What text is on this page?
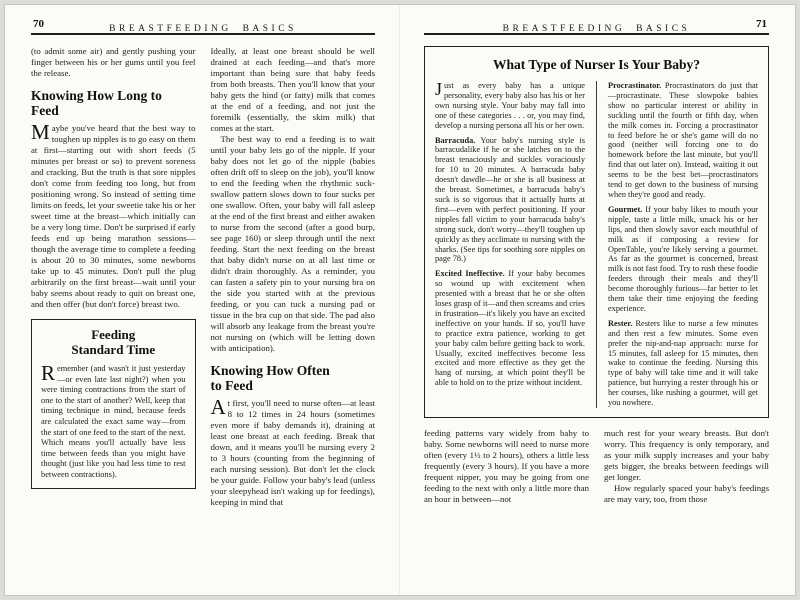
70	BREASTFEEDING BASICS

(to admit some air) and gently pushing your finger between his or her gums until you feel the release.

Knowing How Long to Feed

Maybe you've heard that the best way to toughen up nipples is to go easy on them at first—starting out with short feeds (5 minutes per breast or so) to prevent soreness and cracking. But the truth is that sore nipples don't come from feeding too long, but from positioning wrong. So instead of setting time limits on feeds, let your sweetie take his or her sweet time at the breast—which initially can be a very long time. Don't be surprised if early feeds end up being marathon sessions—though the average time to complete a feeding is about 20 to 30 minutes, some newborns take up to 45 minutes. Don't pull the plug arbitrarily on the first breast—wait until your baby seems about ready to quit on breast one, and then offer (but don't force) breast two.

Feeding
Standard Time

Remember (and wasn't it just yesterday—or even late last night?) when you were timing contractions from the start of one to the start of another? Well, keep that timing technique in mind, because feeds are calculated the exact same way—from the start of one feed to the start of the next. Which means you'll actually have less time between feeds than you might have thought (just like you had less time to rest between contractions).

Ideally, at least one breast should be well drained at each feeding—and that's more important than being sure that baby feeds from both breasts. Then you'll know that your baby gets the hind (or fatty) milk that comes at the end of a feeding, and not just the foremilk (essentially, the skim milk) that comes at the start.

The best way to end a feeding is to wait until your baby lets go of the nipple. If your baby does not let go of the nipple (babies often drift off to sleep on the job), you'll know to end the feeding when the rhythmic suck-swallow pattern slows down to four sucks per one swallow. Often, your baby will fall asleep at the end of the first breast and either awaken to nurse from the second (after a good burp, see page 160) or sleep through until the next feeding. Start the next feeding on the breast that baby didn't nurse on at all last time or didn't drain thoroughly. As a reminder, you can fasten a safety pin to your nursing bra on the side you started with at the previous feeding, or you can tuck a nursing pad or tissue in the bra cup on that side. The pad also will absorb any leakage from the breast you're not nursing on (which will be letting down with anticipation).

Knowing How Often to Feed

At first, you'll need to nurse often—at least 8 to 12 times in 24 hours (sometimes even more if baby demands it), draining at least one breast at each feeding. Break that down, and it means you'll be nursing every 2 to 3 hours (counting from the beginning of each nursing session). But don't let the clock be your guide. Follow your baby's lead (unless your sleepyhead isn't waking up for feedings), keeping in mind that

BREASTFEEDING BASICS	71
What Type of Nurser Is Your Baby?

Just as every baby has a unique personality, every baby also has his or her own nursing style. Your baby may fall into one of these categories . . . or, you may find, develop a nursing persona all his or her own.

Barracuda. Your baby's nursing style is barracudalike if he or she latches on to the breast tenaciously and suckles voraciously for 10 to 20 minutes. A barracuda baby doesn't dawdle—he or she is all business at the breast. Sometimes, a barracuda baby's suck is so vigorous that it actually hurts at first—even with perfect positioning. If your nipples fall victim to your barracuda baby's strong suck, don't worry—they'll toughen up quickly as they acclimate to nursing with the sharks. (See tips for soothing sore nipples on page 78.)

Excited Ineffective. If your baby becomes so wound up with excitement when presented with a breast that he or she often loses grasp of it—and then screams and cries in frustration—it's likely you have an excited ineffective on your hands. If so, you'll have to practice extra patience, working to get your baby calm before getting back to work. Usually, excited ineffectives become less excited and more effective as they get the hang of nursing, at which point they'll be able to hold on to the prize without incident.

Procrastinator. Procrastinators do just that—procrastinate. These slowpoke babies show no particular interest or ability in suckling until the fourth or fifth day, when the milk comes in. Forcing a procrastinator to feed before he or she's game will do no good (neither will forcing one to do homework before the last minute, but you'll find that out later on). Instead, waiting it out seems to be the best bet—procrastinators tend to get down to the business of nursing when they're good and ready.

Gourmet. If your baby likes to mouth your nipple, taste a little milk, smack his or her lips, and then slowly savor each mouthful of milk as if composing a review for OpenTable, you're likely serving a gourmet. As far as the gourmet is concerned, breast milk is not fast food. Try to rush these foodie feeders through their meals and they'll become thoroughly furious—far better to let them take their time enjoying the feeding experience.

Rester. Resters like to nurse a few minutes and then rest a few minutes. Some even prefer the nip-and-nap approach: nurse for 15 minutes, fall asleep for 15 minutes, then wake to continue the feeding. Nursing this type of baby will take time and it will take patience, but hurrying a rester through his or her courses, like rushing a gourmet, will get you nowhere.

feeding patterns vary widely from baby to baby. Some newborns will need to nurse more often (every 1½ to 2 hours), others a little less frequently (every 3 hours). If you have a more frequent nipper, you may be going from one feeding to the next with only a little more than an hour in between—not

much rest for your weary breasts. But don't worry. This frequency is only temporary, and as your milk supply increases and your baby gets bigger, the breaks between feedings will get longer.

How regularly spaced your baby's feedings are may vary, too, from those
